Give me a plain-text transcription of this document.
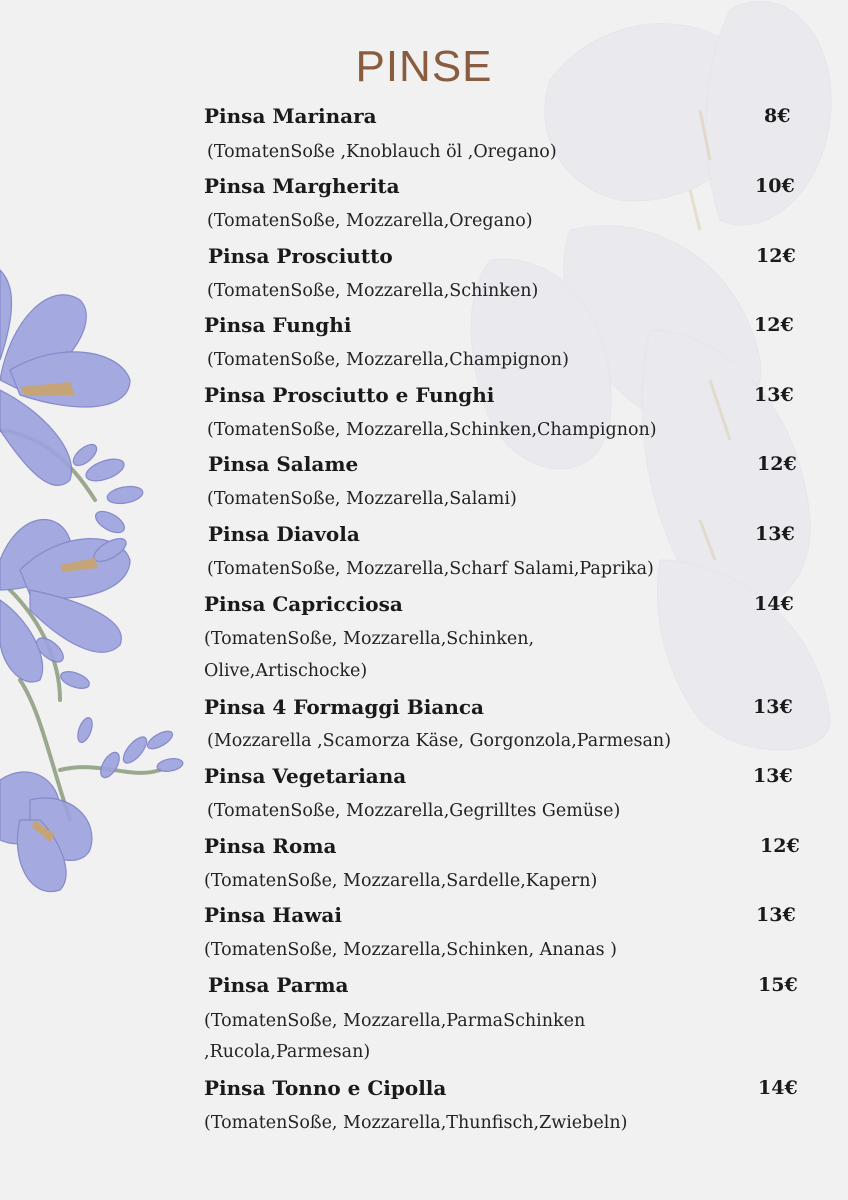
PINSE
Pinsa Marinara	8€
(TomatenSoße ,Knoblauch öl ,Oregano)
Pinsa Margherita	10€
(TomatenSoße, Mozzarella,Oregano)
Pinsa Prosciutto	12€
(TomatenSoße, Mozzarella,Schinken)
Pinsa Funghi	12€
(TomatenSoße, Mozzarella,Champignon)
Pinsa Prosciutto e Funghi	13€
(TomatenSoße, Mozzarella,Schinken,Champignon)
Pinsa Salame	12€
(TomatenSoße, Mozzarella,Salami)
Pinsa Diavola	13€
(TomatenSoße, Mozzarella,Scharf Salami,Paprika)
Pinsa Capricciosa	14€
(TomatenSoße, Mozzarella,Schinken,
Olive,Artischocke)
Pinsa 4 Formaggi Bianca	13€
(Mozzarella ,Scamorza Käse, Gorgonzola,Parmesan)
Pinsa Vegetariana	13€
(TomatenSoße, Mozzarella,Gegrilltes Gemüse)
Pinsa Roma	12€
(TomatenSoße, Mozzarella,Sardelle,Kapern)
Pinsa Hawai	13€
(TomatenSoße, Mozzarella,Schinken, Ananas )
Pinsa Parma	15€
(TomatenSoße, Mozzarella,ParmaSchinken
,Rucola,Parmesan)
Pinsa Tonno e Cipolla	14€
(TomatenSoße, Mozzarella,Thunfisch,Zwiebeln)
